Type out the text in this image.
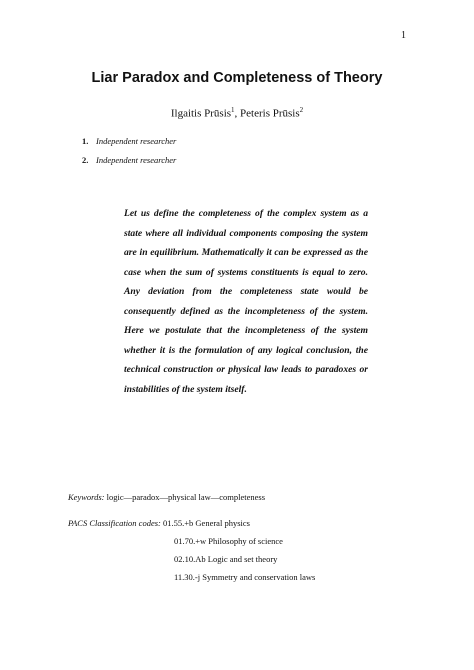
1
Liar Paradox and Completeness of Theory
Ilgaitis Prūsis$^1$, Peteris Prūsis$^2$
1. Independent researcher
2. Independent researcher

Let us define the completeness of the complex system as a state where all individual components composing the system are in equilibrium. Mathematically it can be expressed as the case when the sum of systems constituents is equal to zero. Any deviation from the completeness state would be consequently defined as the incompleteness of the system. Here we postulate that the incompleteness of the system whether it is the formulation of any logical conclusion, the technical construction or physical law leads to paradoxes or instabilities of the system itself.

Keywords: logic—paradox—physical law—completeness
PACS Classification codes: 01.55.+b General physics
01.70.+w Philosophy of science
02.10.Ab Logic and set theory
11.30.-j Symmetry and conservation laws
